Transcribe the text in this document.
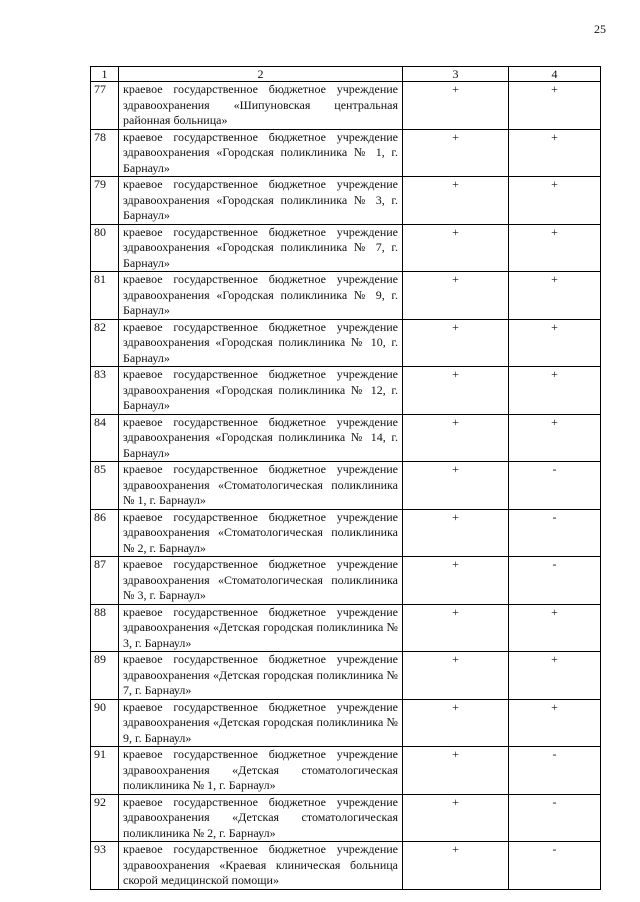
25
1	2	3	4
77	краевое государственное бюджетное учреждение здравоохранения «Шипуновская центральная районная больница»	+	+
78	краевое государственное бюджетное учреждение здравоохранения «Городская поликлиника № 1, г. Барнаул»	+	+
79	краевое государственное бюджетное учреждение здравоохранения «Городская поликлиника № 3, г. Барнаул»	+	+
80	краевое государственное бюджетное учреждение здравоохранения «Городская поликлиника № 7, г. Барнаул»	+	+
81	краевое государственное бюджетное учреждение здравоохранения «Городская поликлиника № 9, г. Барнаул»	+	+
82	краевое государственное бюджетное учреждение здравоохранения «Городская поликлиника № 10, г. Барнаул»	+	+
83	краевое государственное бюджетное учреждение здравоохранения «Городская поликлиника № 12, г. Барнаул»	+	+
84	краевое государственное бюджетное учреждение здравоохранения «Городская поликлиника № 14, г. Барнаул»	+	+
85	краевое государственное бюджетное учреждение здравоохранения «Стоматологическая поликлиника № 1, г. Барнаул»	+	-
86	краевое государственное бюджетное учреждение здравоохранения «Стоматологическая поликлиника № 2, г. Барнаул»	+	-
87	краевое государственное бюджетное учреждение здравоохранения «Стоматологическая поликлиника № 3, г. Барнаул»	+	-
88	краевое государственное бюджетное учреждение здравоохранения «Детская городская поликлиника № 3, г. Барнаул»	+	+
89	краевое государственное бюджетное учреждение здравоохранения «Детская городская поликлиника № 7, г. Барнаул»	+	+
90	краевое государственное бюджетное учреждение здравоохранения «Детская городская поликлиника № 9, г. Барнаул»	+	+
91	краевое государственное бюджетное учреждение здравоохранения «Детская стоматологическая поликлиника № 1, г. Барнаул»	+	-
92	краевое государственное бюджетное учреждение здравоохранения «Детская стоматологическая поликлиника № 2, г. Барнаул»	+	-
93	краевое государственное бюджетное учреждение здравоохранения «Краевая клиническая больница скорой медицинской помощи»	+	-
